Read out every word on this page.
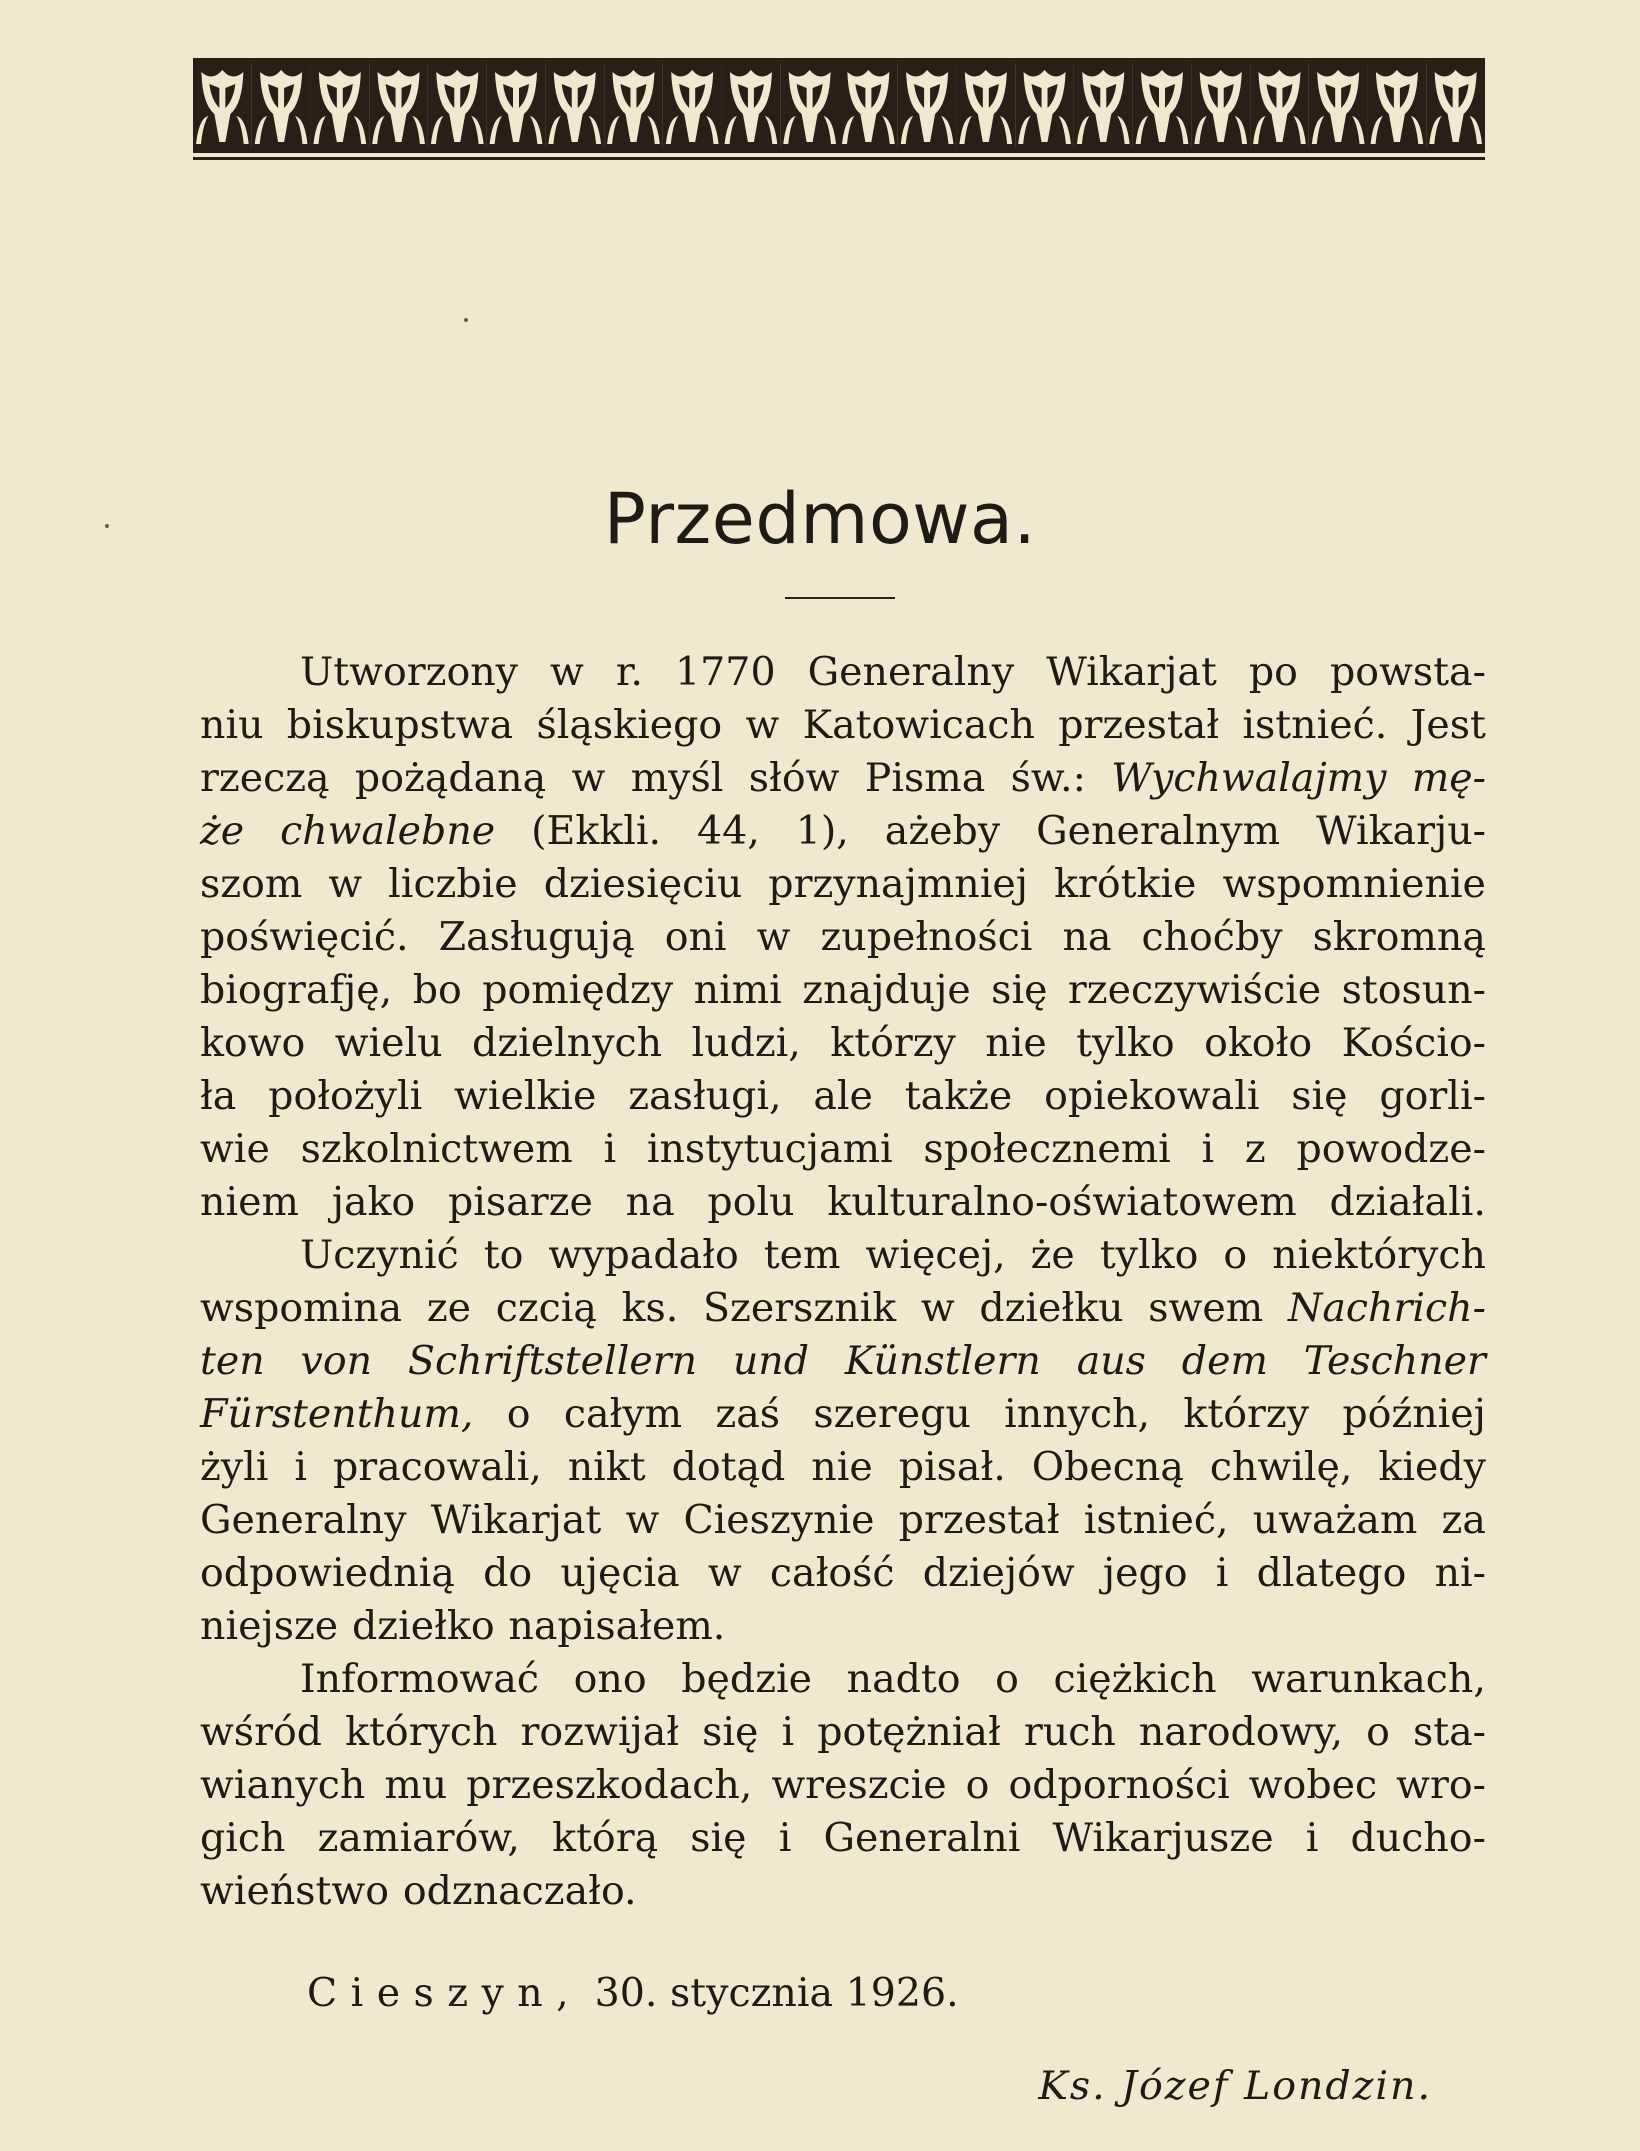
Przedmowa.
Utworzony w r. 1770 Generalny Wikarjat po powsta-
niu biskupstwa śląskiego w Katowicach przestał istnieć. Jest
rzeczą pożądaną w myśl słów Pisma św.: Wychwalajmy mę-
że chwalebne (Ekkli. 44, 1), ażeby Generalnym Wikarju-
szom w liczbie dziesięciu przynajmniej krótkie wspomnienie
poświęcić. Zasługują oni w zupełności na choćby skromną
biografję, bo pomiędzy nimi znajduje się rzeczywiście stosun-
kowo wielu dzielnych ludzi, którzy nie tylko około Kościo-
ła położyli wielkie zasługi, ale także opiekowali się gorli-
wie szkolnictwem i instytucjami społecznemi i z powodze-
niem jako pisarze na polu kulturalno-oświatowem działali.
Uczynić to wypadało tem więcej, że tylko o niektórych
wspomina ze czcią ks. Szersznik w dziełku swem Nachrich-
ten von Schriftstellern und Künstlern aus dem Teschner
Fürstenthum, o całym zaś szeregu innych, którzy później
żyli i pracowali, nikt dotąd nie pisał. Obecną chwilę, kiedy
Generalny Wikarjat w Cieszynie przestał istnieć, uważam za
odpowiednią do ujęcia w całość dziejów jego i dlatego ni-
niejsze dziełko napisałem.
Informować ono będzie nadto o ciężkich warunkach,
wśród których rozwijał się i potężniał ruch narodowy, o sta-
wianych mu przeszkodach, wreszcie o odporności wobec wro-
gich zamiarów, którą się i Generalni Wikarjusze i ducho-
wieństwo odznaczało.
Cieszyn, 30. stycznia 1926.
Ks. Józef Londzin.
